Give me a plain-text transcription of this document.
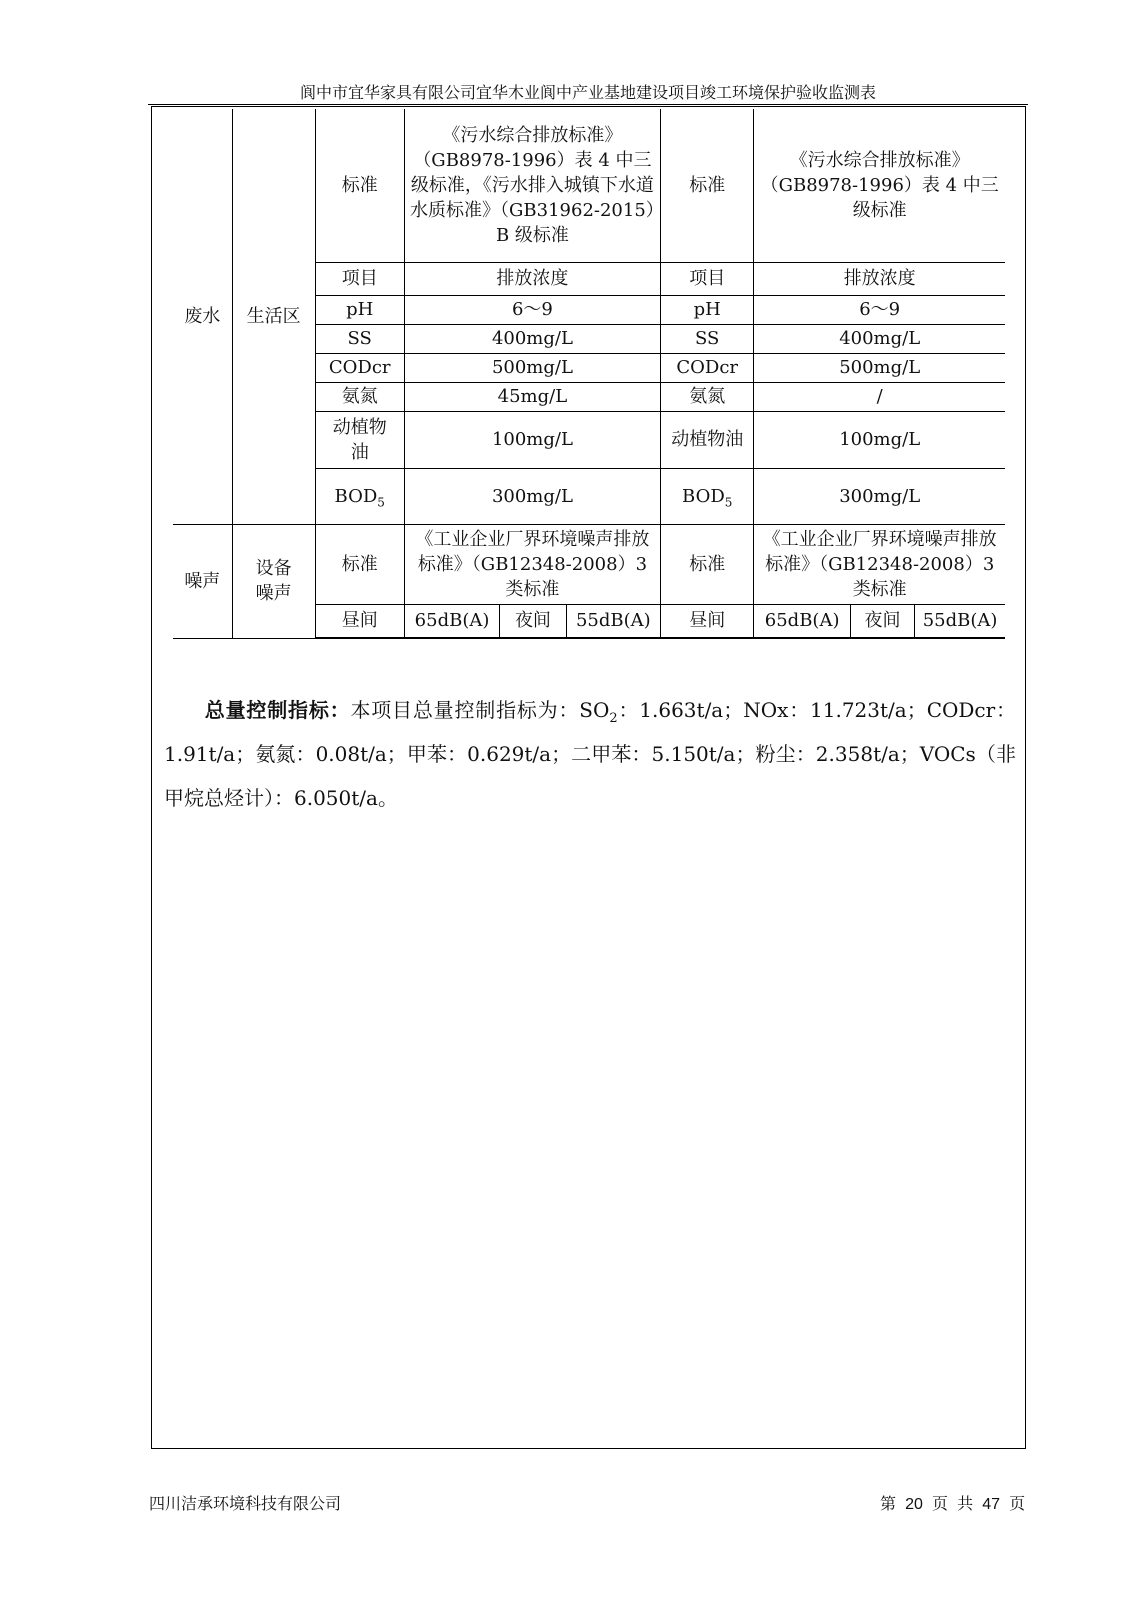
阆中市宜华家具有限公司宜华木业阆中产业基地建设项目竣工环境保护验收监测表
废水	生活区	标准	《污水综合排放标准》（GB8978-1996）表 4 中三级标准，《污水排入城镇下水道水质标准》（GB31962-2015）B 级标准			标准	《污水综合排放标准》（GB8978-1996）表 4 中三级标准		
		项目	排放浓度			项目	排放浓度		
		pH	6～9			pH	6～9		
		SS	400mg/L			SS	400mg/L		
		CODcr	500mg/L			CODcr	500mg/L		
		氨氮	45mg/L			氨氮	/		
		动植物油	100mg/L			动植物油	100mg/L		
		$BOD_5$	300mg/L			$BOD_5$	300mg/L		
噪声	设备噪声	标准	《工业企业厂界环境噪声排放标准》（GB12348-2008）3 类标准			标准	《工业企业厂界环境噪声排放标准》（GB12348-2008）3 类标准		
		昼间	65dB(A)	夜间	55dB(A)	昼间	65dB(A)	夜间	55dB(A)
总量控制指标：本项目总量控制指标为：$SO_2$：1.663t/a；NOx：11.723t/a；CODcr：1.91t/a；氨氮：0.08t/a；甲苯：0.629t/a；二甲苯：5.150t/a；粉尘：2.358t/a；VOCs（非甲烷总烃计）：6.050t/a。
四川洁承环境科技有限公司	第 20 页 共 47 页
